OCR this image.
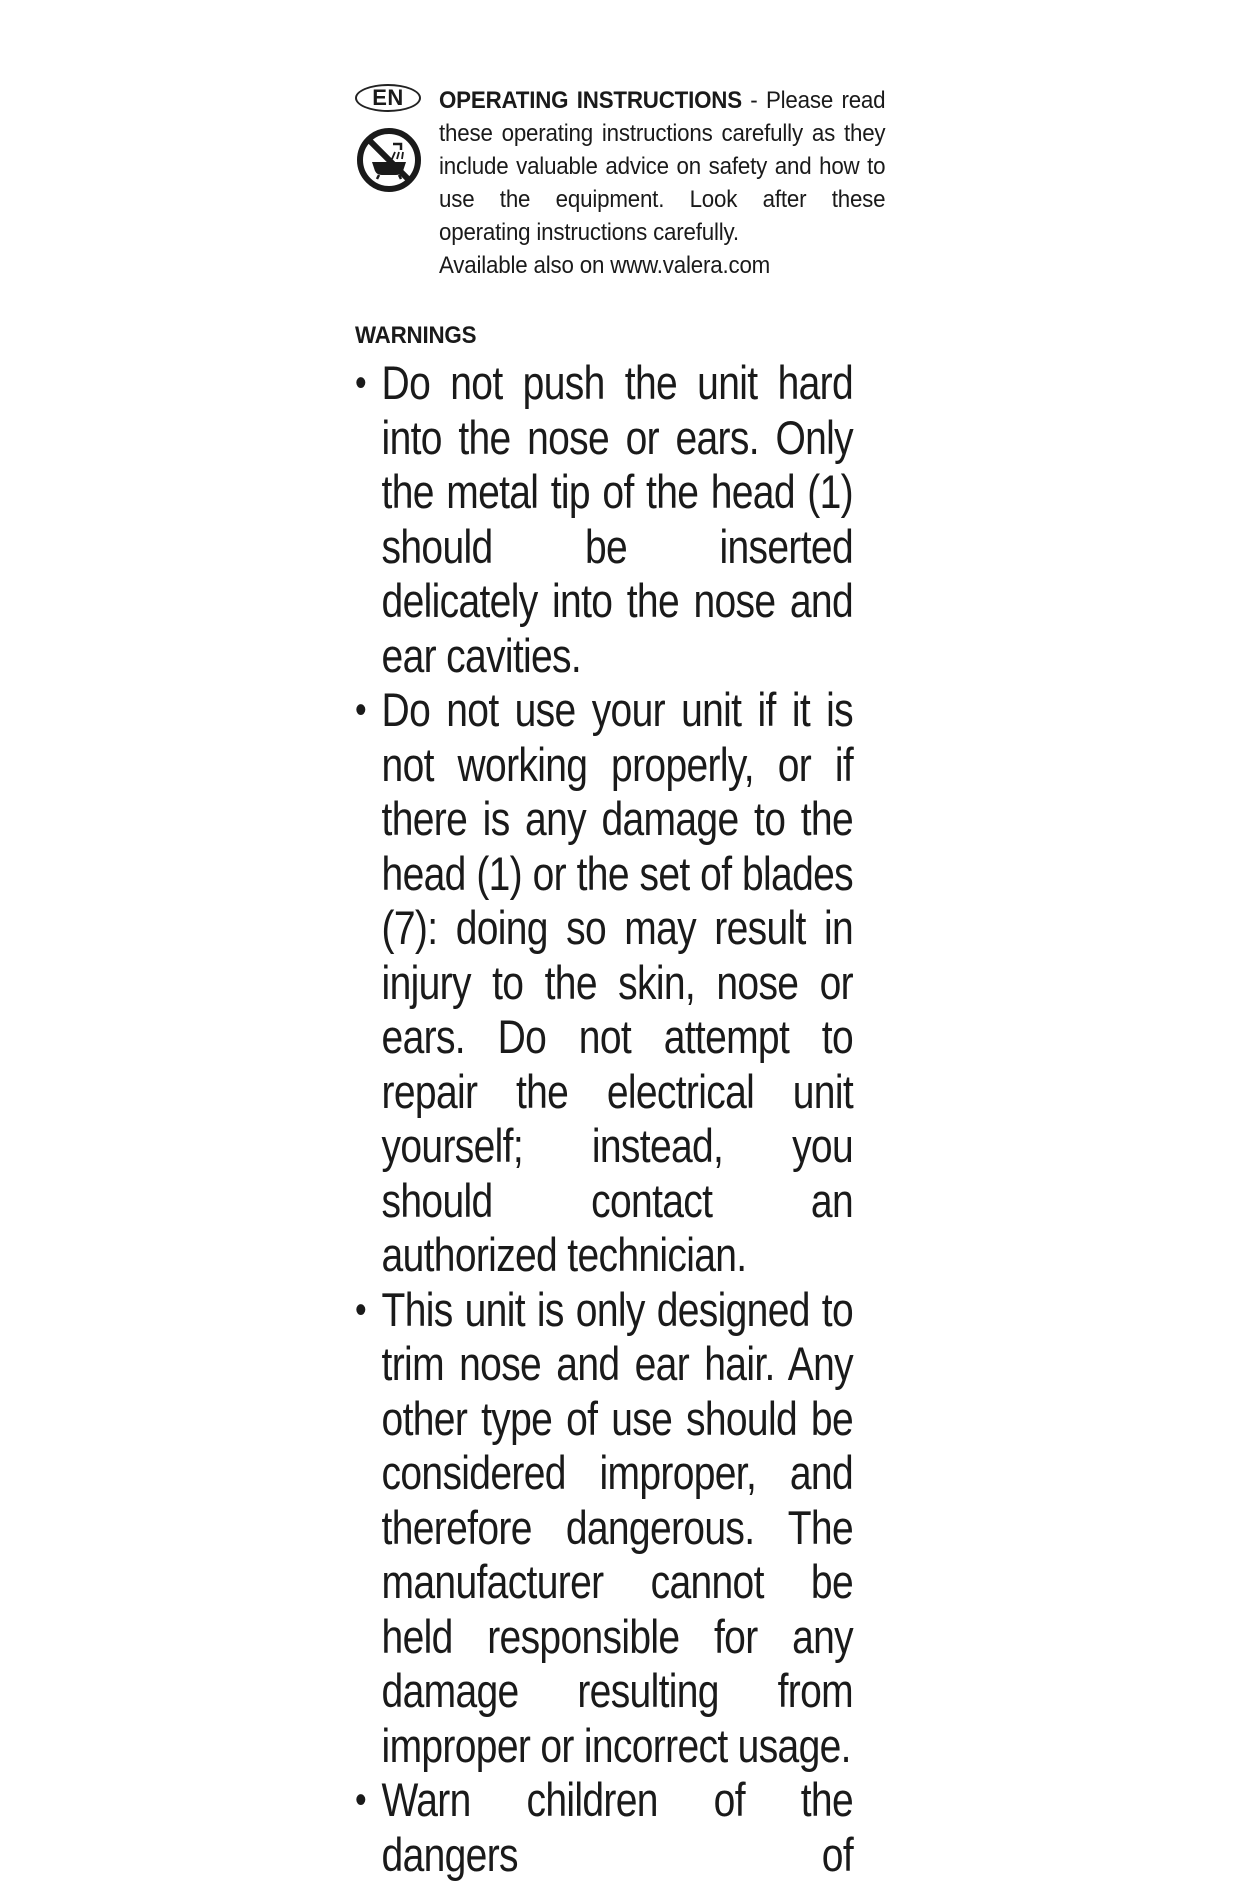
EN	OPERATING INSTRUCTIONS - Please read these operating instructions carefully as they include valuable advice on safety and how to use the equipment. Look after these operating instructions carefully.
Available also on www.valera.com
WARNINGS
• Do not push the unit hard into the nose or ears. Only the metal tip of the head (1) should be inserted delicately into the nose and ear cavities.
• Do not use your unit if it is not working properly, or if there is any damage to the head (1) or the set of blades (7): doing so may result in injury to the skin, nose or ears. Do not attempt to repair the electrical unit yourself; instead, you should contact an authorized technician.
• This unit is only designed to trim nose and ear hair. Any other type of use should be considered improper, and therefore dangerous. The manufacturer cannot be held responsible for any damage resulting from improper or incorrect usage.
• Warn children of the dangers of
